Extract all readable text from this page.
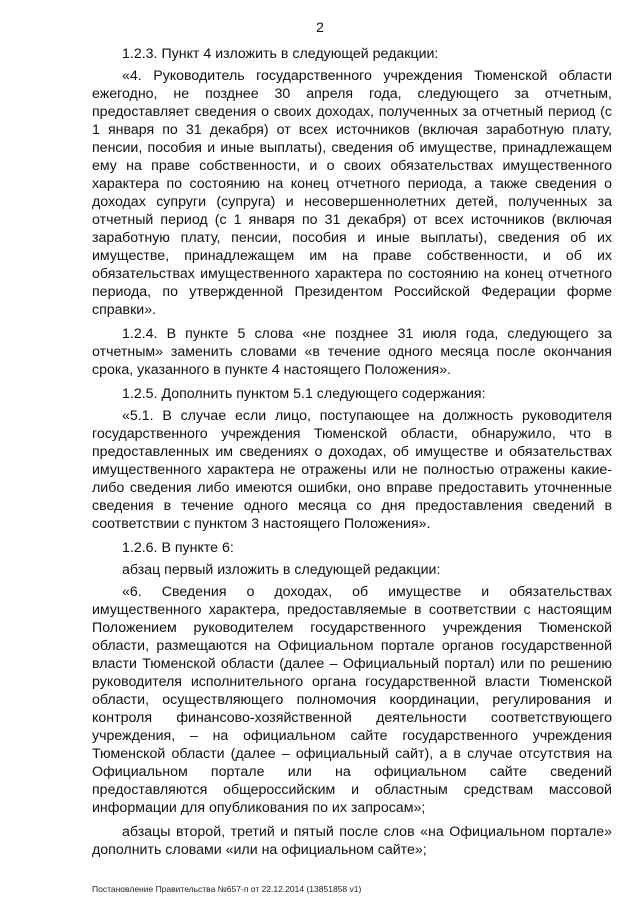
2

1.2.3. Пункт 4 изложить в следующей редакции:

«4. Руководитель государственного учреждения Тюменской области ежегодно, не позднее 30 апреля года, следующего за отчетным, предоставляет сведения о своих доходах, полученных за отчетный период (с 1 января по 31 декабря) от всех источников (включая заработную плату, пенсии, пособия и иные выплаты), сведения об имуществе, принадлежащем ему на праве собственности, и о своих обязательствах имущественного характера по состоянию на конец отчетного периода, а также сведения о доходах супруги (супруга) и несовершеннолетних детей, полученных за отчетный период (с 1 января по 31 декабря) от всех источников (включая заработную плату, пенсии, пособия и иные выплаты), сведения об их имуществе, принадлежащем им на праве собственности, и об их обязательствах имущественного характера по состоянию на конец отчетного периода, по утвержденной Президентом Российской Федерации форме справки».

1.2.4. В пункте 5 слова «не позднее 31 июля года, следующего за отчетным» заменить словами «в течение одного месяца после окончания срока, указанного в пункте 4 настоящего Положения».

1.2.5. Дополнить пунктом 5.1 следующего содержания:

«5.1. В случае если лицо, поступающее на должность руководителя государственного учреждения Тюменской области, обнаружило, что в предоставленных им сведениях о доходах, об имуществе и обязательствах имущественного характера не отражены или не полностью отражены какие-либо сведения либо имеются ошибки, оно вправе предоставить уточненные сведения в течение одного месяца со дня предоставления сведений в соответствии с пунктом 3 настоящего Положения».

1.2.6. В пункте 6:

абзац первый изложить в следующей редакции:

«6. Сведения о доходах, об имуществе и обязательствах имущественного характера, предоставляемые в соответствии с настоящим Положением руководителем государственного учреждения Тюменской области, размещаются на Официальном портале органов государственной власти Тюменской области (далее – Официальный портал) или по решению руководителя исполнительного органа государственной власти Тюменской области, осуществляющего полномочия координации, регулирования и контроля финансово-хозяйственной деятельности соответствующего учреждения, – на официальном сайте государственного учреждения Тюменской области (далее – официальный сайт), а в случае отсутствия на Официальном портале или на официальном сайте сведений предоставляются общероссийским и областным средствам массовой информации для опубликования по их запросам»;

абзацы второй, третий и пятый после слов «на Официальном портале» дополнить словами «или на официальном сайте»;

Постановление Правительства №657-п от 22.12.2014 (13851858 v1)
